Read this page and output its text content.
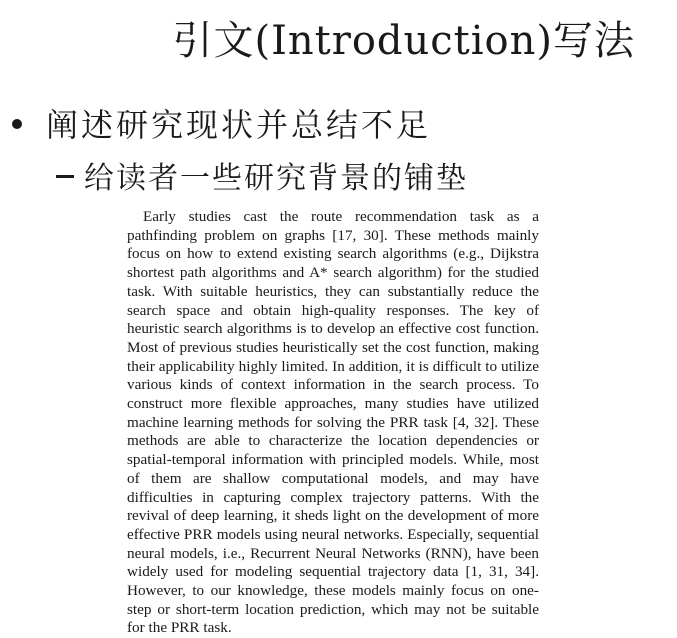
引文(Introduction)写法
阐述研究现状并总结不足
给读者一些研究背景的铺垫

Early studies cast the route recommendation task as a pathfinding problem on graphs [17, 30]. These methods mainly focus on how to extend existing search algorithms (e.g., Dijkstra shortest path algorithms and A* search algorithm) for the studied task. With suitable heuristics, they can substantially reduce the search space and obtain high-quality responses. The key of heuristic search algorithms is to develop an effective cost function. Most of previous studies heuristically set the cost function, making their applicability highly limited. In addition, it is difficult to utilize various kinds of context information in the search process. To construct more flexible approaches, many studies have utilized machine learning methods for solving the PRR task [4, 32]. These methods are able to characterize the location dependencies or spatial-temporal information with principled models. While, most of them are shallow computational models, and may have difficulties in capturing complex trajectory patterns. With the revival of deep learning, it sheds light on the development of more effective PRR models using neural networks. Especially, sequential neural models, i.e., Recurrent Neural Networks (RNN), have been widely used for modeling sequential trajectory data [1, 31, 34]. However, to our knowledge, these models mainly focus on one-step or short-term location prediction, which may not be suitable for the PRR task.
